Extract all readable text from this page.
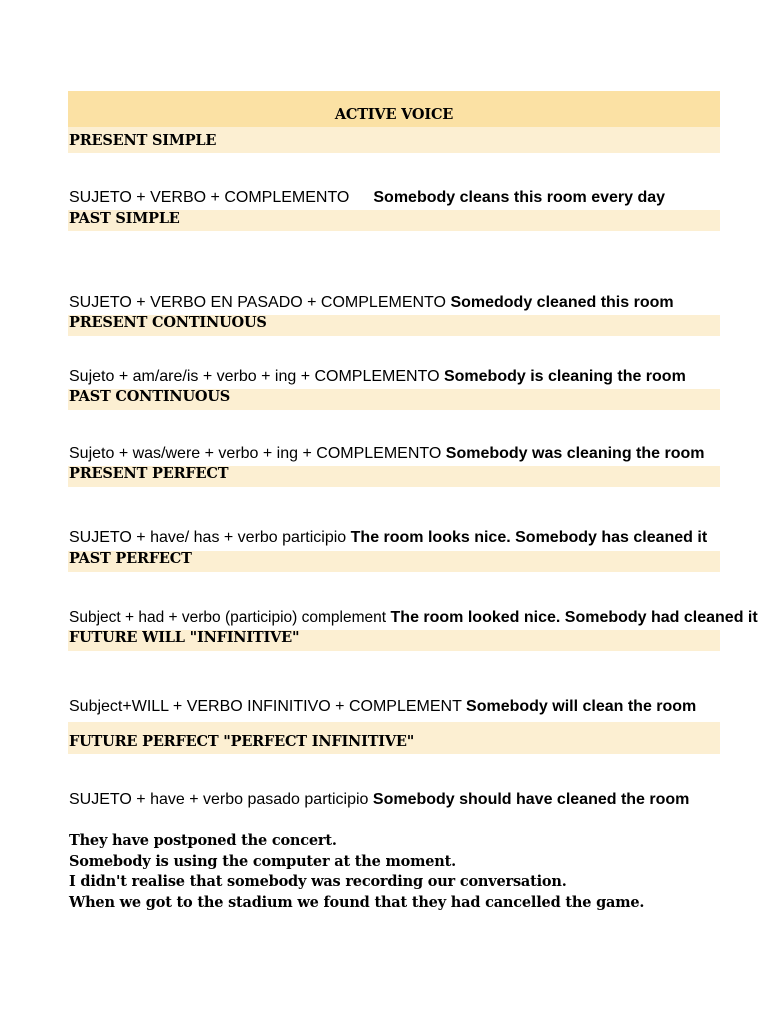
ACTIVE VOICE
PRESENT SIMPLE
SUJETO + VERBO + COMPLEMENTO Somebody cleans this room every day
PAST SIMPLE
SUJETO + VERBO EN PASADO + COMPLEMENTO Somedody cleaned this room
PRESENT CONTINUOUS
Sujeto + am/are/is + verbo + ing + COMPLEMENTO Somebody is cleaning the room
PAST CONTINUOUS
Sujeto + was/were + verbo + ing + COMPLEMENTO Somebody was cleaning the room
PRESENT PERFECT
SUJETO + have/ has + verbo participio The room looks nice. Somebody has cleaned it
PAST PERFECT
Subject + had + verbo (participio) complement The room looked nice. Somebody had cleaned it
FUTURE WILL "INFINITIVE"
Subject+WILL + VERBO INFINITIVO + COMPLEMENT Somebody will clean the room
FUTURE PERFECT "PERFECT INFINITIVE"
SUJETO + have + verbo pasado participio Somebody should have cleaned the room
They have postponed the concert.
Somebody is using the computer at the moment.
I didn't realise that somebody was recording our conversation.
When we got to the stadium we found that they had cancelled the game.
